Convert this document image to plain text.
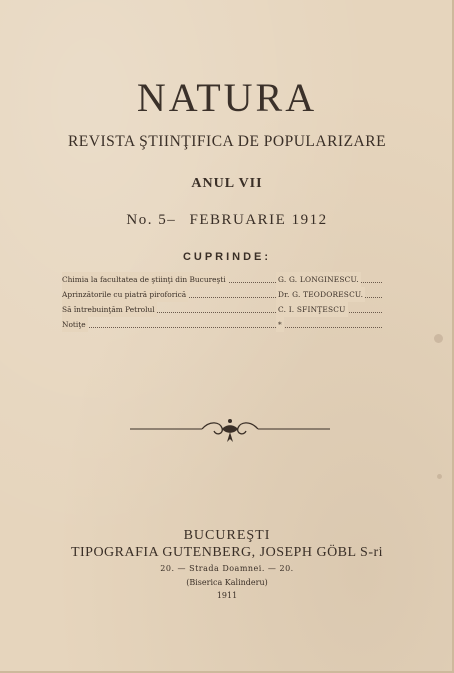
NATURA
REVISTA ŞTIINŢIFICA DE POPULARIZARE
ANUL VII
No. 5– FEBRUARIE 1912
CUPRINDE:
Chimia la facultatea de ştiinţi din Bucureşti	G. G. LONGINESCU.
Aprinzătorile cu piatră piroforică	Dr. G. TEODORESCU.
Să întrebuinţăm Petrolul	C. I. SFINŢESCU
Notiţe	*
BUCUREŞTI
TIPOGRAFIA GUTENBERG, JOSEPH GÖBL S-ri
20. — Strada Doamnei. — 20.
(Biserica Kalinderu)
1911
